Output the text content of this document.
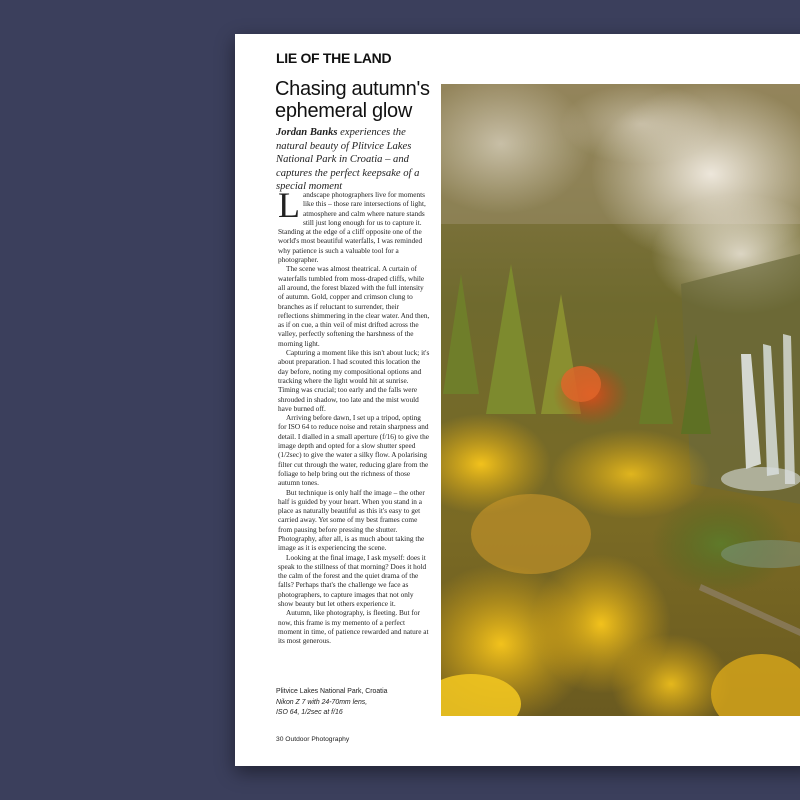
LIE OF THE LAND
Chasing autumn's ephemeral glow

Jordan Banks experiences the natural beauty of Plitvice Lakes National Park in Croatia – and captures the perfect keepsake of a special moment

Landscape photographers live for moments like this – those rare intersections of light, atmosphere and calm where nature stands still just long enough for us to capture it. Standing at the edge of a cliff opposite one of the world's most beautiful waterfalls, I was reminded why patience is such a valuable tool for a photographer.

The scene was almost theatrical. A curtain of waterfalls tumbled from moss-draped cliffs, while all around, the forest blazed with the full intensity of autumn. Gold, copper and crimson clung to branches as if reluctant to surrender, their reflections shimmering in the clear water. And then, as if on cue, a thin veil of mist drifted across the valley, perfectly softening the harshness of the morning light.

Capturing a moment like this isn't about luck; it's about preparation. I had scouted this location the day before, noting my compositional options and tracking where the light would hit at sunrise. Timing was crucial; too early and the falls were shrouded in shadow, too late and the mist would have burned off.

Arriving before dawn, I set up a tripod, opting for ISO 64 to reduce noise and retain sharpness and detail. I dialled in a small aperture (f/16) to give the image depth and opted for a slow shutter speed (1/2sec) to give the water a silky flow. A polarising filter cut through the water, reducing glare from the foliage to help bring out the richness of those autumn tones.

But technique is only half the image – the other half is guided by your heart. When you stand in a place as naturally beautiful as this it's easy to get carried away. Yet some of my best frames come from pausing before pressing the shutter. Photography, after all, is as much about taking the image as it is experiencing the scene.

Looking at the final image, I ask myself: does it speak to the stillness of that morning? Does it hold the calm of the forest and the quiet drama of the falls? Perhaps that's the challenge we face as photographers, to capture images that not only show beauty but let others experience it.

Autumn, like photography, is fleeting. But for now, this frame is my memento of a perfect moment in time, of patience rewarded and nature at its most generous.

Plitvice Lakes National Park, Croatia
Nikon Z 7 with 24-70mm lens,
ISO 64, 1/2sec at f/16
30 Outdoor Photography
